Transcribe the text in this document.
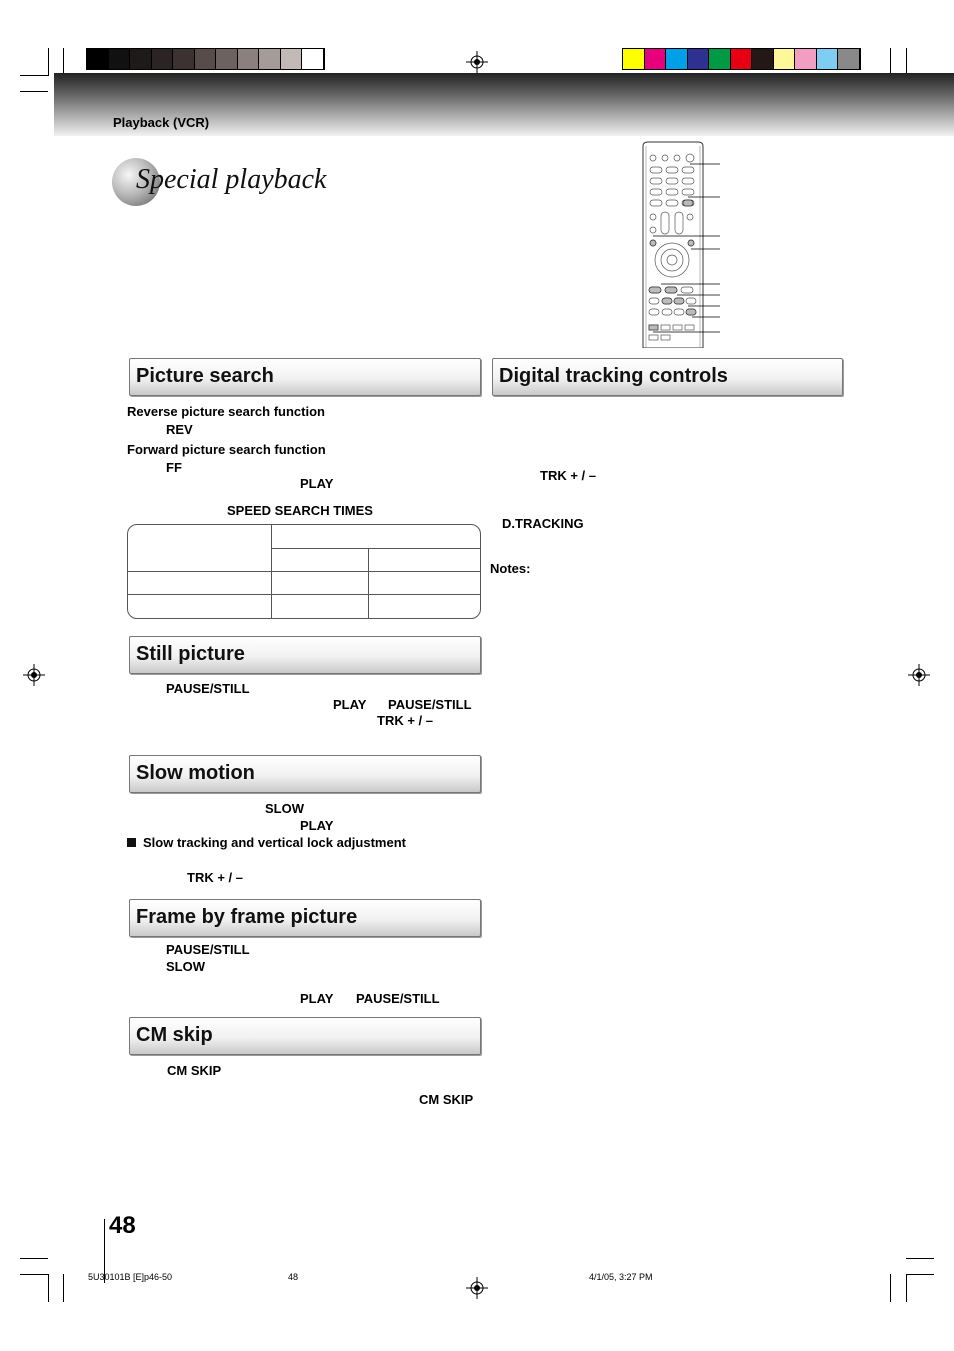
Playback (VCR)
Special playback
Picture search
Reverse picture search function
REV
Forward picture search function
FF
PLAY
SPEED SEARCH TIMES
Digital tracking controls
TRK + / –
D.TRACKING
Notes:
Still picture
PAUSE/STILL
PLAY PAUSE/STILL
TRK + / –
Slow motion
SLOW
PLAY
Slow tracking and vertical lock adjustment
TRK + / –
Frame by frame picture
PAUSE/STILL
SLOW
PLAY PAUSE/STILL
CM skip
CM SKIP
CM SKIP
48
5U30101B [E]p46-50	48	4/1/05, 3:27 PM
